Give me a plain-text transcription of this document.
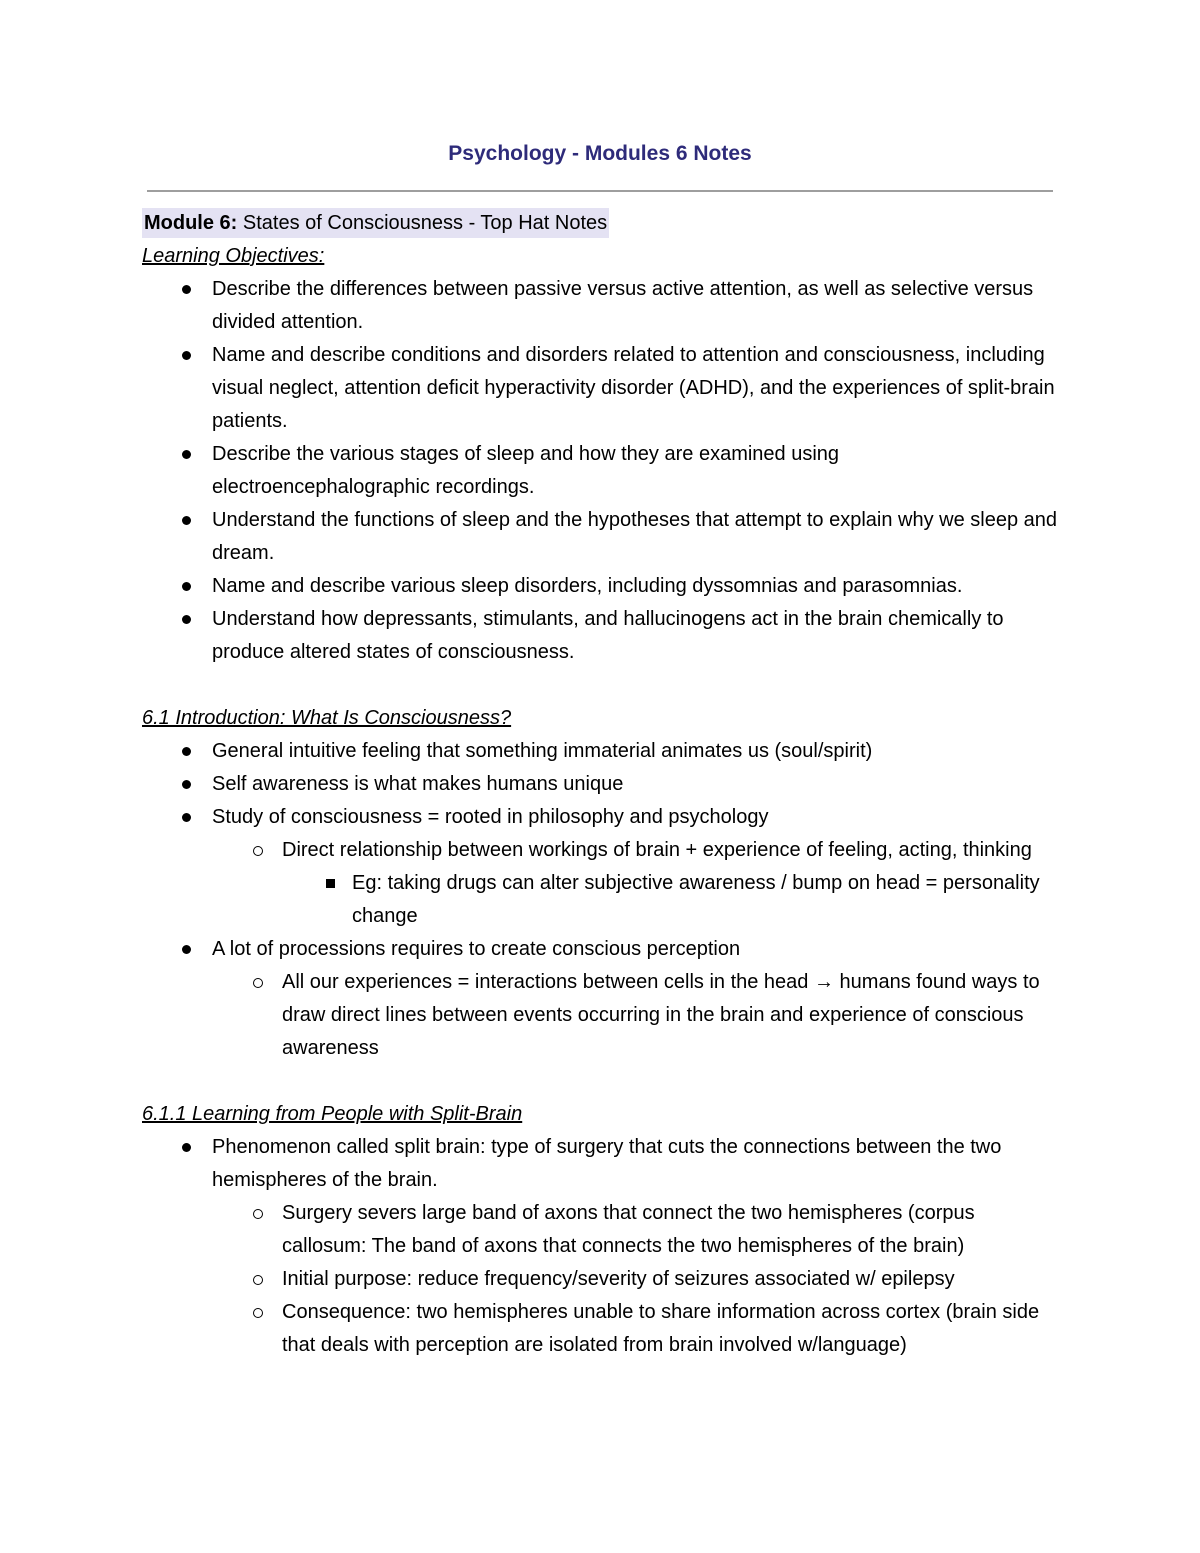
Psychology - Modules 6 Notes
Module 6: States of Consciousness - Top Hat Notes
Learning Objectives:
Describe the differences between passive versus active attention, as well as selective versus divided attention.
Name and describe conditions and disorders related to attention and consciousness, including visual neglect, attention deficit hyperactivity disorder (ADHD), and the experiences of split-brain patients.
Describe the various stages of sleep and how they are examined using electroencephalographic recordings.
Understand the functions of sleep and the hypotheses that attempt to explain why we sleep and dream.
Name and describe various sleep disorders, including dyssomnias and parasomnias.
Understand how depressants, stimulants, and hallucinogens act in the brain chemically to produce altered states of consciousness.
6.1 Introduction: What Is Consciousness?
General intuitive feeling that something immaterial animates us (soul/spirit)
Self awareness is what makes humans unique
Study of consciousness = rooted in philosophy and psychology
Direct relationship between workings of brain + experience of feeling, acting, thinking
Eg: taking drugs can alter subjective awareness / bump on head = personality change
A lot of processions requires to create conscious perception
All our experiences = interactions between cells in the head → humans found ways to draw direct lines between events occurring in the brain and experience of conscious awareness
6.1.1 Learning from People with Split-Brain
Phenomenon called split brain: type of surgery that cuts the connections between the two hemispheres of the brain.
Surgery severs large band of axons that connect the two hemispheres (corpus callosum: The band of axons that connects the two hemispheres of the brain)
Initial purpose: reduce frequency/severity of seizures associated w/ epilepsy
Consequence: two hemispheres unable to share information across cortex (brain side that deals with perception are isolated from brain involved w/language)
